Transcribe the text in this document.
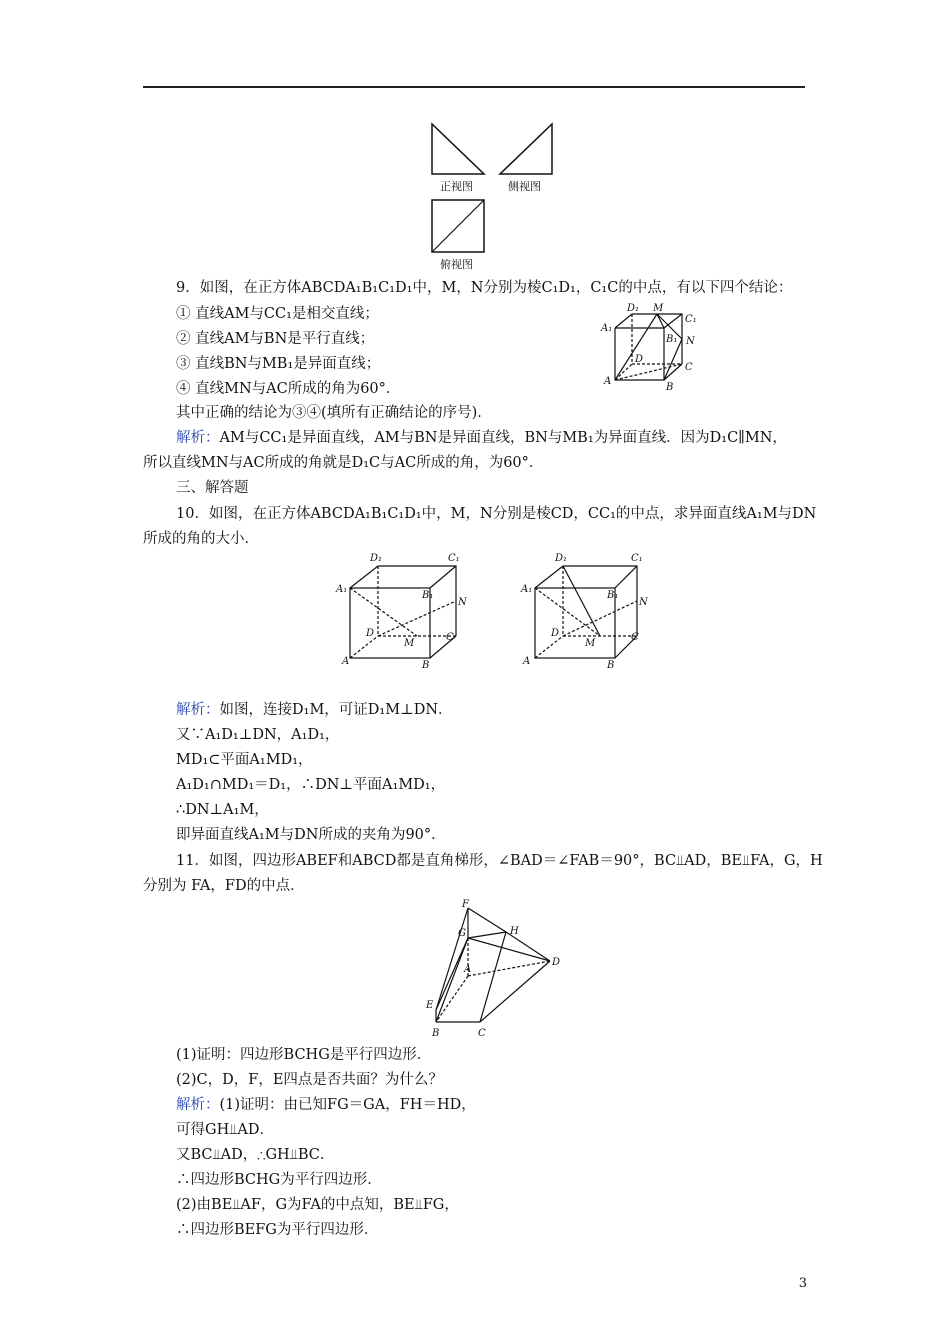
正视图	侧视图
俯视图
9．如图，在正方体ABCDA₁B₁C₁D₁中，M，N分别为棱C₁D₁，C₁C的中点，有以下四个结论：
① 直线AM与CC₁是相交直线；
② 直线AM与BN是平行直线；
③ 直线BN与MB₁是异面直线；
④ 直线MN与AC所成的角为60°．
其中正确的结论为③④(填所有正确结论的序号)．
解析：AM与CC₁是异面直线，AM与BN是异面直线，BN与MB₁为异面直线．因为D₁C∥MN，
所以直线MN与AC所成的角就是D₁C与AC所成的角，为60°．
D₁ M
C₁
A₁
B₁ N
D
C
A
B
三、解答题
10．如图，在正方体ABCDA₁B₁C₁D₁中，M，N分别是棱CD，CC₁的中点，求异面直线A₁M与DN
所成的角的大小．
D₁	C₁
A₁
B₁
N
D
M
C
A	B
D₁	C₁
A₁
B₁
N
D
M
C
A	B
解析：如图，连接D₁M，可证D₁M⊥DN．
又∵A₁D₁⊥DN，A₁D₁，
MD₁⊂平面A₁MD₁，
A₁D₁∩MD₁＝D₁，∴DN⊥平面A₁MD₁，
∴DN⊥A₁M，
即异面直线A₁M与DN所成的夹角为90°．
11．如图，四边形ABEF和ABCD都是直角梯形，∠BAD＝∠FAB＝90°，BC⫫AD，BE⫫FA，G，H
分别为 FA，FD的中点．
F
G	H
E
A
D
B	C
(1)证明：四边形BCHG是平行四边形．
(2)C，D，F，E四点是否共面？为什么？
解析：(1)证明：由已知FG＝GA，FH＝HD，
可得GH⫫AD．
又BC⫫AD，∴GH⫫BC．
∴四边形BCHG为平行四边形．
(2)由BE⫫AF，G为FA的中点知，BE⫫FG，
∴四边形BEFG为平行四边形．
3
